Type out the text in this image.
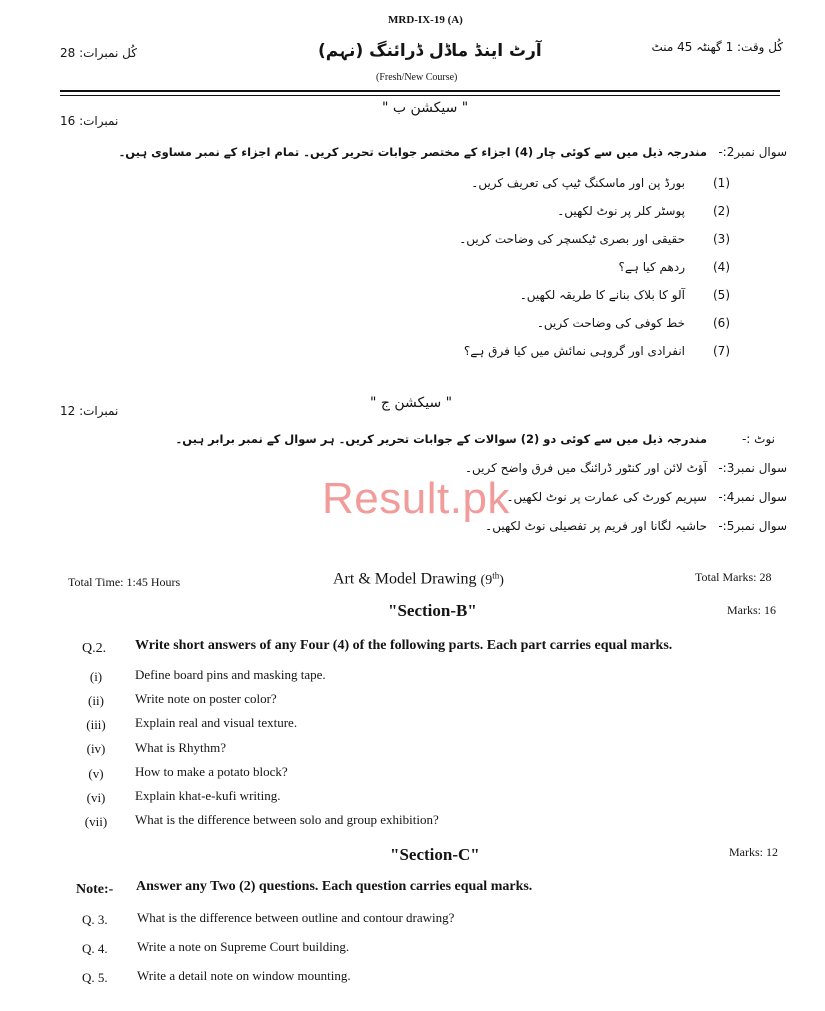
MRD-IX-19 (A)
کُل نمبرات: 28	آرٹ اینڈ ماڈل ڈرائنگ (نہم)	کُل وقت: 1 گھنٹہ 45 منٹ
(Fresh/New Course)
" سیکشن ب "
نمبرات: 16
سوال نمبر2:-
مندرجہ ذیل میں سے کوئی چار (4) اجزاء کے مختصر جوابات تحریر کریں۔ تمام اجزاء کے نمبر مساوی ہیں۔
(1)
بورڈ پن اور ماسکنگ ٹیپ کی تعریف کریں۔
(2)
پوسٹر کلر پر نوٹ لکھیں۔
(3)
حقیقی اور بصری ٹیکسچر کی وضاحت کریں۔
(4)
ردھم کیا ہے؟
(5)
آلو کا بلاک بنانے کا طریقہ لکھیں۔
(6)
خط کوفی کی وضاحت کریں۔
(7)
انفرادی اور گروہی نمائش میں کیا فرق ہے؟
" سیکشن ج "
نمبرات: 12
نوٹ :-
مندرجہ ذیل میں سے کوئی دو (2) سوالات کے جوابات تحریر کریں۔ ہر سوال کے نمبر برابر ہیں۔
سوال نمبر3:-
آؤٹ لائن اور کنٹور ڈرائنگ میں فرق واضح کریں۔
سوال نمبر4:-
سپریم کورٹ کی عمارت پر نوٹ لکھیں۔
سوال نمبر5:-
حاشیہ لگانا اور فریم پر تفصیلی نوٹ لکھیں۔
Result.pk
Total Time: 1:45 Hours	Art & Model Drawing (9th)	Total Marks: 28
"Section-B"	Marks: 16
Q.2. Write short answers of any Four (4) of the following parts. Each part carries equal marks.
(i)	Define board pins and masking tape.
(ii)	Write note on poster color?
(iii)	Explain real and visual texture.
(iv)	What is Rhythm?
(v)	How to make a potato block?
(vi)	Explain khat-e-kufi writing.
(vii) What is the difference between solo and group exhibition?
"Section-C"	Marks: 12
Note:- Answer any Two (2) questions. Each question carries equal marks.
Q. 3. What is the difference between outline and contour drawing?
Q. 4. Write a note on Supreme Court building.
Q. 5. Write a detail note on window mounting.
